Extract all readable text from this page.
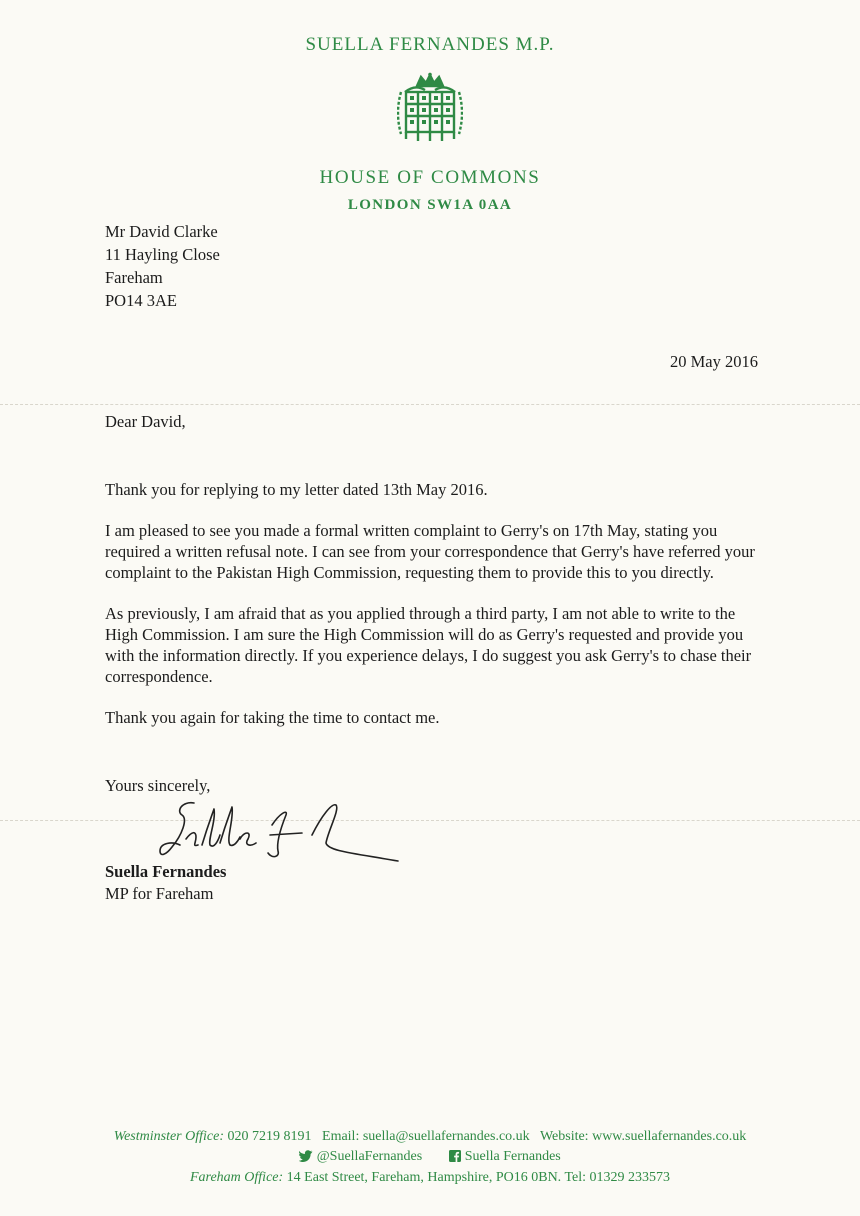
SUELLA FERNANDES M.P.
HOUSE OF COMMONS
LONDON SW1A 0AA
Mr David Clarke
11 Hayling Close
Fareham
PO14 3AE
20 May 2016
Dear David,

Thank you for replying to my letter dated 13th May 2016.

I am pleased to see you made a formal written complaint to Gerry's on 17th May, stating you required a written refusal note. I can see from your correspondence that Gerry's have referred your complaint to the Pakistan High Commission, requesting them to provide this to you directly.

As previously, I am afraid that as you applied through a third party, I am not able to write to the High Commission. I am sure the High Commission will do as Gerry's requested and provide you with the information directly. If you experience delays, I do suggest you ask Gerry's to chase their correspondence.

Thank you again for taking the time to contact me.

Yours sincerely,
Suella Fernandes
MP for Fareham
Westminster Office: 020 7219 8191 Email: suella@suellafernandes.co.uk Website: www.suellafernandes.co.uk
@SuellaFernandes	Suella Fernandes
Fareham Office: 14 East Street, Fareham, Hampshire, PO16 0BN. Tel: 01329 233573
